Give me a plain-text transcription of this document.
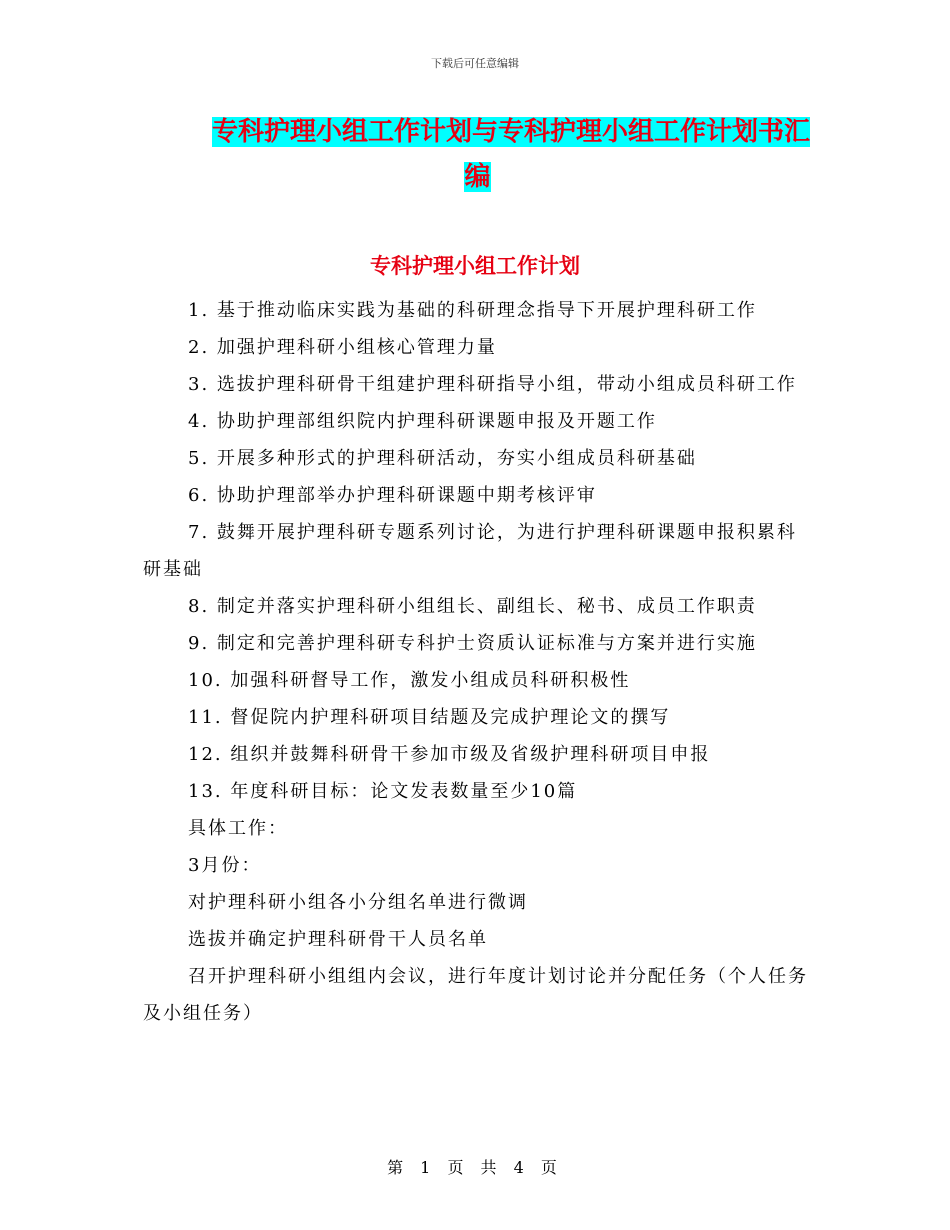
下载后可任意编辑
专科护理小组工作计划与专科护理小组工作计划书汇
编
专科护理小组工作计划

1. 基于推动临床实践为基础的科研理念指导下开展护理科研工作

2. 加强护理科研小组核心管理力量

3. 选拔护理科研骨干组建护理科研指导小组，带动小组成员科研工作

4. 协助护理部组织院内护理科研课题申报及开题工作

5. 开展多种形式的护理科研活动，夯实小组成员科研基础

6. 协助护理部举办护理科研课题中期考核评审

7. 鼓舞开展护理科研专题系列讨论，为进行护理科研课题申报积累科研基础

8. 制定并落实护理科研小组组长、副组长、秘书、成员工作职责

9. 制定和完善护理科研专科护士资质认证标准与方案并进行实施

10. 加强科研督导工作，激发小组成员科研积极性

11. 督促院内护理科研项目结题及完成护理论文的撰写

12. 组织并鼓舞科研骨干参加市级及省级护理科研项目申报

13. 年度科研目标：论文发表数量至少10篇

具体工作：

3月份：

对护理科研小组各小分组名单进行微调

选拔并确定护理科研骨干人员名单

召开护理科研小组组内会议，进行年度计划讨论并分配任务（个人任务及小组任务）

第 1 页 共 4 页
